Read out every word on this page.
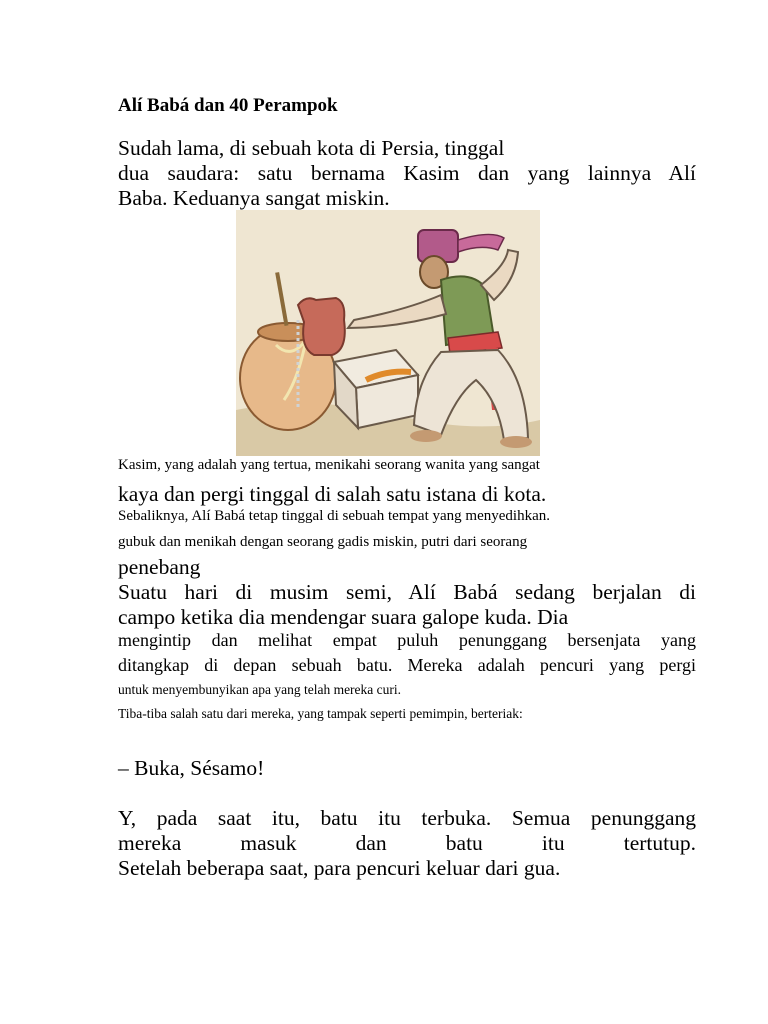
Alí Babá dan 40 Perampok
Sudah lama, di sebuah kota di Persia, tinggal
dua saudara: satu bernama Kasim dan yang lainnya Alí
Baba. Keduanya sangat miskin.
Kasim, yang adalah yang tertua, menikahi seorang wanita yang sangat
kaya dan pergi tinggal di salah satu istana di kota.
Sebaliknya, Alí Babá tetap tinggal di sebuah tempat yang menyedihkan.
gubuk dan menikah dengan seorang gadis miskin, putri dari seorang
penebang
Suatu hari di musim semi, Alí Babá sedang berjalan di
campo ketika dia mendengar suara galope kuda. Dia
mengintip dan melihat empat puluh penunggang bersenjata yang
ditangkap di depan sebuah batu. Mereka adalah pencuri yang pergi
untuk menyembunyikan apa yang telah mereka curi.
Tiba-tiba salah satu dari mereka, yang tampak seperti pemimpin, berteriak:
– Buka, Sésamo!
Y, pada saat itu, batu itu terbuka. Semua penunggang
mereka masuk dan batu itu tertutup.
Setelah beberapa saat, para pencuri keluar dari gua.
